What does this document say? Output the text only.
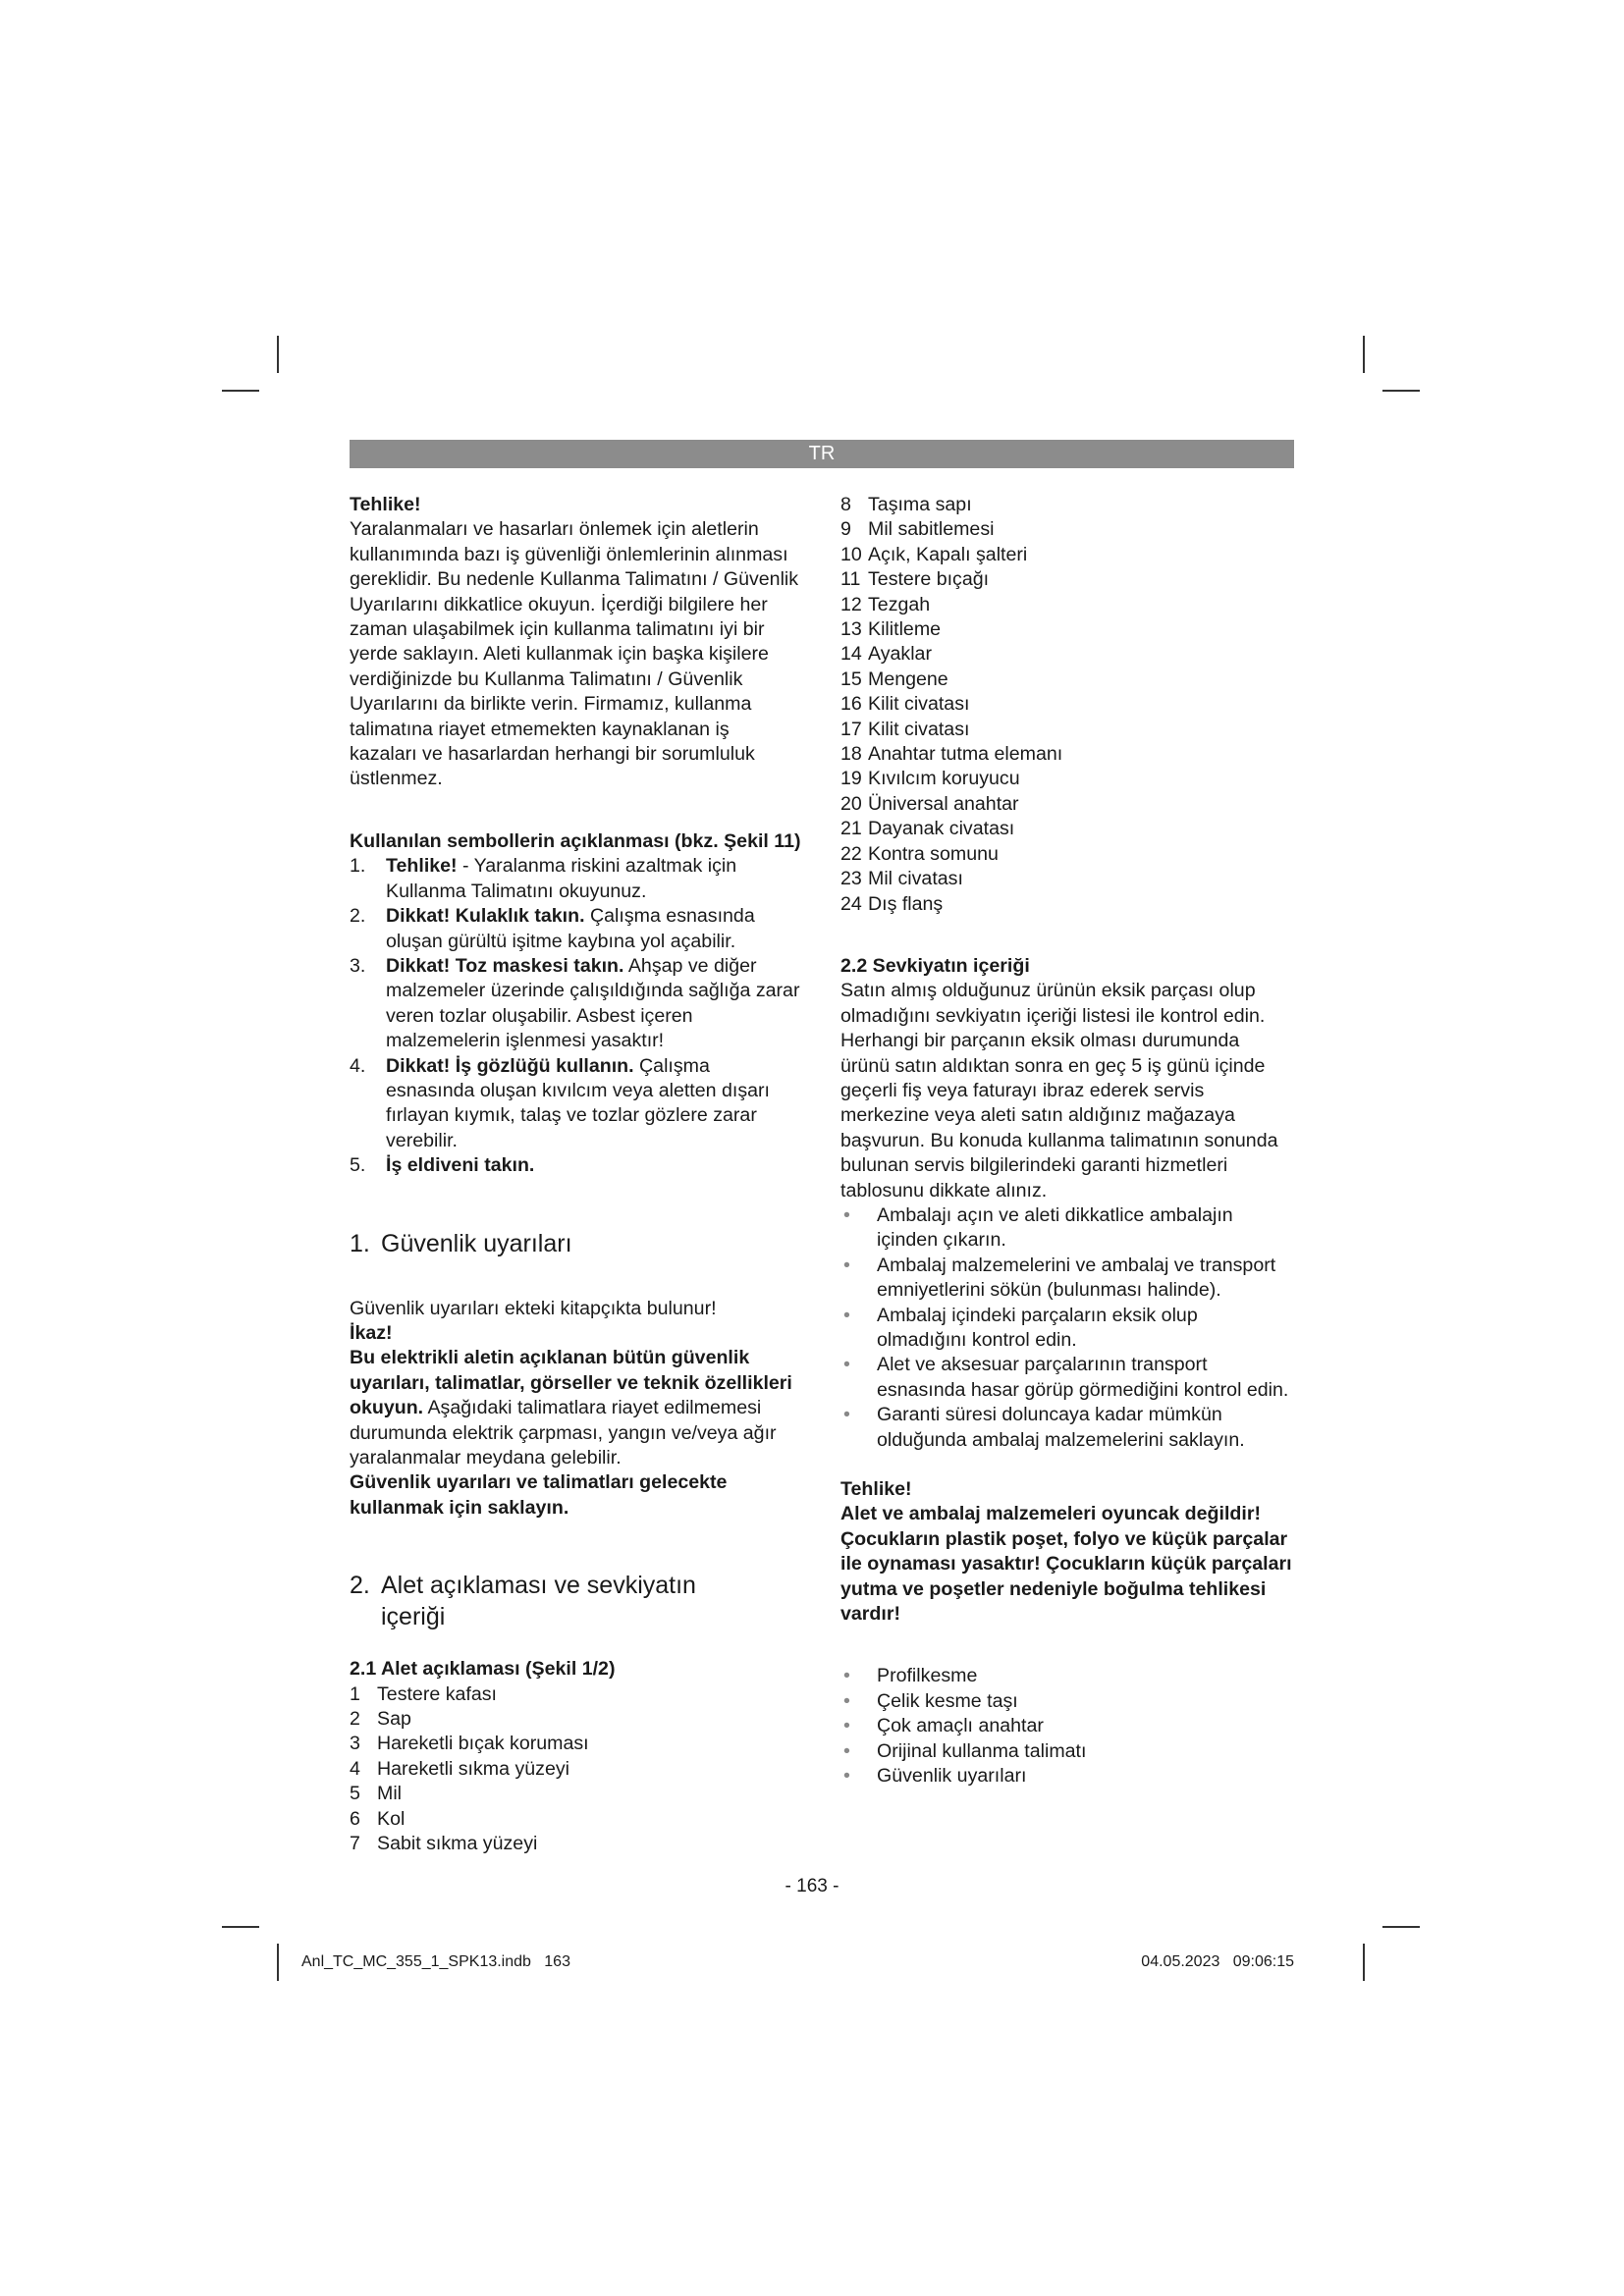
TR

Tehlike!

Yaralanmaları ve hasarları önlemek için aletlerin kullanımında bazı iş güvenliği önlemlerinin alınması gereklidir. Bu nedenle Kullanma Talimatını / Güvenlik Uyarılarını dikkatlice okuyun. İçerdiği bilgilere her zaman ulaşabilmek için kullanma talimatını iyi bir yerde saklayın. Aleti kullanmak için başka kişilere verdiğinizde bu Kullanma Talimatını / Güvenlik Uyarılarını da birlikte verin. Firmamız, kullanma talimatına riayet etmemekten kaynaklanan iş kazaları ve hasarlardan herhangi bir sorumluluk üstlenmez.

Kullanılan sembollerin açıklanması (bkz. Şekil 11)

1. Tehlike! - Yaralanma riskini azaltmak için Kullanma Talimatını okuyunuz.
2. Dikkat! Kulaklık takın. Çalışma esnasında oluşan gürültü işitme kaybına yol açabilir.
3. Dikkat! Toz maskesi takın. Ahşap ve diğer malzemeler üzerinde çalışıldığında sağlığa zarar veren tozlar oluşabilir. Asbest içeren malzemelerin işlenmesi yasaktır!
4. Dikkat! İş gözlüğü kullanın. Çalışma esnasında oluşan kıvılcım veya aletten dışarı fırlayan kıymık, talaş ve tozlar gözlere zarar verebilir.
5. İş eldiveni takın.
1. Güvenlik uyarıları

Güvenlik uyarıları ekteki kitapçıkta bulunur!

İkaz!

Bu elektrikli aletin açıklanan bütün güvenlik uyarıları, talimatlar, görseller ve teknik özellikleri okuyun. Aşağıdaki talimatlara riayet edilmemesi durumunda elektrik çarpması, yangın ve/veya ağır yaralanmalar meydana gelebilir.

Güvenlik uyarıları ve talimatları gelecekte kullanmak için saklayın.

2. Alet açıklaması ve sevkiyatın
içeriği

2.1 Alet açıklaması (Şekil 1/2)

1 Testere kafası
2 Sap
3 Hareketli bıçak koruması
4 Hareketli sıkma yüzeyi
5 Mil
6 Kol
7 Sabit sıkma yüzeyi
8 Taşıma sapı
9 Mil sabitlemesi
10 Açık, Kapalı şalteri
11 Testere bıçağı
12 Tezgah
13 Kilitleme
14 Ayaklar
15 Mengene
16 Kilit civatası
17 Kilit civatası
18 Anahtar tutma elemanı
19 Kıvılcım koruyucu
20 Üniversal anahtar
21 Dayanak civatası
22 Kontra somunu
23 Mil civatası
24 Dış flanş

2.2 Sevkiyatın içeriği

Satın almış olduğunuz ürünün eksik parçası olup olmadığını sevkiyatın içeriği listesi ile kontrol edin. Herhangi bir parçanın eksik olması durumunda ürünü satın aldıktan sonra en geç 5 iş günü içinde geçerli fiş veya faturayı ibraz ederek servis merkezine veya aleti satın aldığınız mağazaya başvurun. Bu konuda kullanma talimatının sonunda bulunan servis bilgilerindeki garanti hizmetleri tablosunu dikkate alınız.

• Ambalajı açın ve aleti dikkatlice ambalajın içinden çıkarın.
• Ambalaj malzemelerini ve ambalaj ve transport emniyetlerini sökün (bulunması halinde).
• Ambalaj içindeki parçaların eksik olup olmadığını kontrol edin.
• Alet ve aksesuar parçalarının transport esnasında hasar görüp görmediğini kontrol edin.
• Garanti süresi doluncaya kadar mümkün olduğunda ambalaj malzemelerini saklayın.

Tehlike!

Alet ve ambalaj malzemeleri oyuncak değildir! Çocukların plastik poşet, folyo ve küçük parçalar ile oynaması yasaktır! Çocukların küçük parçaları yutma ve poşetler nedeniyle boğulma tehlikesi vardır!

• Profilkesme
• Çelik kesme taşı
• Çok amaçlı anahtar
• Orijinal kullanma talimatı
• Güvenlik uyarıları
- 163 -
Anl_TC_MC_355_1_SPK13.indb   163	04.05.2023   09:06:15
